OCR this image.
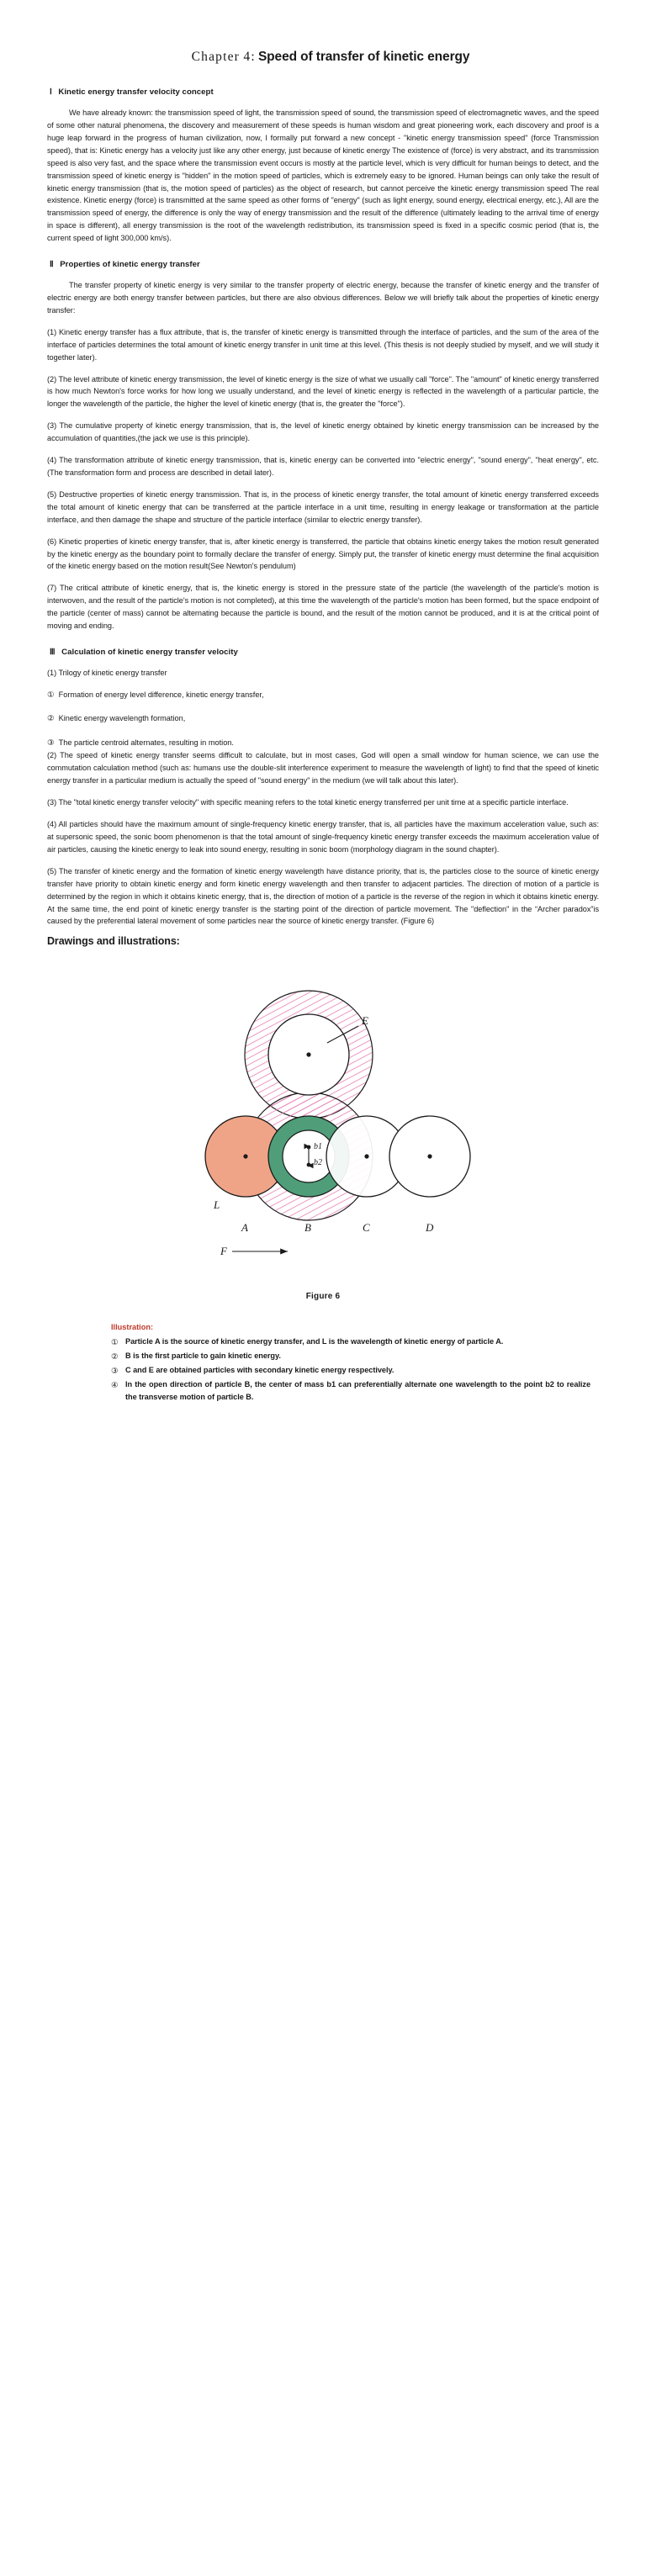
Chapter 4: Speed of transfer of kinetic energy
Ⅰ Kinetic energy transfer velocity concept

We have already known: the transmission speed of light, the transmission speed of sound, the transmission speed of electromagnetic waves, and the speed of some other natural phenomena, the discovery and measurement of these speeds is human wisdom and great pioneering work, each discovery and proof is a huge leap forward in the progress of human civilization, now, I formally put forward a new concept - "kinetic energy transmission speed" (force Transmission speed), that is: Kinetic energy has a velocity just like any other energy, just because of kinetic energy The existence of (force) is very abstract, and its transmission speed is also very fast, and the space where the transmission event occurs is mostly at the particle level, which is very difficult for human beings to detect, and the transmission speed of kinetic energy is "hidden" in the motion speed of particles, which is extremely easy to be ignored. Human beings can only take the result of kinetic energy transmission (that is, the motion speed of particles) as the object of research, but cannot perceive the kinetic energy transmission speed The real existence. Kinetic energy (force) is transmitted at the same speed as other forms of "energy" (such as light energy, sound energy, electrical energy, etc.), All are the transmission speed of energy, the difference is only the way of energy transmission and the result of the difference (ultimately leading to the arrival time of energy in space is different), all energy transmission is the root of the wavelength redistribution, its transmission speed is fixed in a specific cosmic period (that is, the current speed of light 300,000 km/s).

Ⅱ Properties of kinetic energy transfer

The transfer property of kinetic energy is very similar to the transfer property of electric energy, because the transfer of kinetic energy and the transfer of electric energy are both energy transfer between particles, but there are also obvious differences. Below we will briefly talk about the properties of kinetic energy transfer:

(1) Kinetic energy transfer has a flux attribute, that is, the transfer of kinetic energy is transmitted through the interface of particles, and the sum of the area of the interface of particles determines the total amount of kinetic energy transfer in unit time at this level. (This thesis is not deeply studied by myself, and we will study it together later).

(2) The level attribute of kinetic energy transmission, the level of kinetic energy is the size of what we usually call "force". The "amount" of kinetic energy transferred is how much Newton's force works for how long we usually understand, and the level of kinetic energy is reflected in the wavelength of a particular particle, the longer the wavelength of the particle, the higher the level of kinetic energy (that is, the greater the "force").

(3) The cumulative property of kinetic energy transmission, that is, the level of kinetic energy obtained by kinetic energy transmission can be increased by the accumulation of quantities,(the jack we use is this principle).

(4) The transformation attribute of kinetic energy transmission, that is, kinetic energy can be converted into "electric energy", "sound energy", "heat energy", etc. (The transformation form and process are described in detail later).

(5) Destructive properties of kinetic energy transmission. That is, in the process of kinetic energy transfer, the total amount of kinetic energy transferred exceeds the total amount of kinetic energy that can be transferred at the particle interface in a unit time, resulting in energy leakage or transformation at the particle interface, and then damage the shape and structure of the particle interface (similar to electric energy transfer).

(6) Kinetic properties of kinetic energy transfer, that is, after kinetic energy is transferred, the particle that obtains kinetic energy takes the motion result generated by the kinetic energy as the boundary point to formally declare the transfer of energy. Simply put, the transfer of kinetic energy must determine the final acquisition of the kinetic energy based on the motion result(See Newton's pendulum)

(7) The critical attribute of kinetic energy, that is, the kinetic energy is stored in the pressure state of the particle (the wavelength of the particle's motion is interwoven, and the result of the particle's motion is not completed), at this time the wavelength of the particle's motion has been formed, but the space endpoint of the particle (center of mass) cannot be alternating because the particle is bound, and the result of the motion cannot be produced, and it is at the critical point of moving and ending.

Ⅲ Calculation of kinetic energy transfer velocity

(1) Trilogy of kinetic energy transfer

① Formation of energy level difference, kinetic energy transfer,
② Kinetic energy wavelength formation,
③ The particle centroid alternates, resulting in motion.

(2) The speed of kinetic energy transfer seems difficult to calculate, but in most cases, God will open a small window for human science, we can use the commutation calculation method (such as: humans use the double-slit interference experiment to measure the wavelength of light) to find that the speed of kinetic energy transfer in a particular medium is actually the speed of "sound energy" in the medium (we will talk about this later).

(3) The "total kinetic energy transfer velocity" with specific meaning refers to the total kinetic energy transferred per unit time at a specific particle interface.

(4) All particles should have the maximum amount of single-frequency kinetic energy transfer, that is, all particles have the maximum acceleration value, such as: at supersonic speed, the sonic boom phenomenon is that the total amount of single-frequency kinetic energy transfer exceeds the maximum acceleration value of air particles, causing the kinetic energy to leak into sound energy, resulting in sonic boom (morphology diagram in the sound chapter).

(5) The transfer of kinetic energy and the formation of kinetic energy wavelength have distance priority, that is, the particles close to the source of kinetic energy transfer have priority to obtain kinetic energy and form kinetic energy wavelength and then transfer to adjacent particles. The direction of motion of a particle is determined by the region in which it obtains kinetic energy, that is, the direction of motion of a particle is the reverse of the region in which it obtains kinetic energy. At the same time, the end point of kinetic energy transfer is the starting point of the direction of particle movement. The "deflection" in the “Archer paradox”is caused by the preferential lateral movement of some particles near the source of kinetic energy transfer. (Figure 6)

Drawings and illustrations:
b1
b2
E
L
A	B	C	D
F
Figure 6
Illustration:
① Particle A is the source of kinetic energy transfer, and L is the wavelength of kinetic energy of particle A.
② B is the first particle to gain kinetic energy.
③ C and E are obtained particles with secondary kinetic energy respectively.
④ In the open direction of particle B, the center of mass b1 can preferentially alternate one wavelength to the point b2 to realize the transverse motion of particle B.
